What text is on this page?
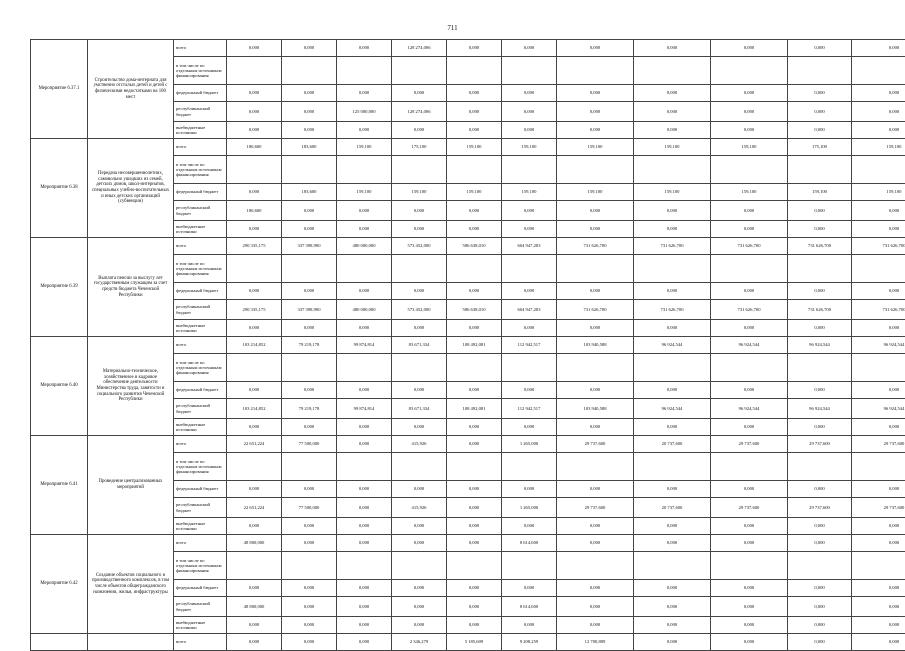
711
Мероприятие 6.37.1	Строительство дома-интерната для умственно отсталых детей и детей с физическими недостатками на 100 мест	всего	0,000	0,000	0,000	128 274,006	0,000	0,000	0,000	0,000	0,000	0,000	0,000
		в том числе по отдельным источникам финансирования											
		федеральный бюджет	0,000	0,000	0,000	0,000	0,000	0,000	0,000	0,000	0,000	0,000	0,000
		республиканский бюджет	0,000	0,000	125 000,000	128 274,006	0,000	0,000	0,000	0,000	0,000	0,000	0,000
		внебюджетные источники	0,000	0,000	0,000	0,000	0,000	0,000	0,000	0,000	0,000	0,000	0,000
Мероприятие 6.38	Передача несовершеннолетних, самовольно ушедших из семей, детских домов, школ-интернатов, специальных учебно-воспитательных и иных детских организаций (субвенции)	всего	180,600	183,600	159,100	175,100	159,100	159,100	159,100	159,100	159,100	175,100	159,100
		в том числе по отдельным источникам финансирования											
		федеральный бюджет	0,000	183,600	159,100	159,100	159,100	159,100	159,100	159,100	159,100	159,100	159,100
		республиканский бюджет	180,600	0,000	0,000	0,000	0,000	0,000	0,000	0,000	0,000	0,000	0,000
		внебюджетные источники	0,000	0,000	0,000	0,000	0,000	0,000	0,000	0,000	0,000	0,000	0,000
Мероприятие 6.39	Выплата пенсии за выслугу лет государственным служащим за счет средств бюджета Чеченской Республики	всего	290 335,175	337 398,900	480 000,000	573 452,000	586 638,010	604 947,283	731 626,700	731 626,700	731 626,700	731 626,700	731 626,700
		в том числе по отдельным источникам финансирования											
		федеральный бюджет	0,000	0,000	0,000	0,000	0,000	0,000	0,000	0,000	0,000	0,000	0,000
		республиканский бюджет	290 335,175	337 398,900	480 000,000	573 452,000	586 638,010	604 947,283	731 626,700	731 626,700	731 626,700	731 626,700	731 626,700
		внебюджетные источники	0,000	0,000	0,000	0,000	0,000	0,000	0,000	0,000	0,000	0,000	0,000
Мероприятие 6.40	Материально-техническое, хозяйственное и кадровое обеспечение деятельности Министерства труда, занятости и социального развития Чеченской Республики	всего	103 214,852	79 219,178	99 874,814	83 671,334	108 492,081	112 942,517	103 940,588	96 924,544	96 924,544	96 924,544	96 924,544
		в том числе по отдельным источникам финансирования											
		федеральный бюджет	0,000	0,000	0,000	0,000	0,000	0,000	0,000	0,000	0,000	0,000	0,000
		республиканский бюджет	103 214,852	79 219,178	99 874,814	83 671,334	108 492,081	112 942,517	103 940,588	96 924,544	96 924,544	96 924,544	96 924,544
		внебюджетные источники	0,000	0,000	0,000	0,000	0,000	0,000	0,000	0,000	0,000	0,000	0,000
Мероприятие 6.41	Проведение централизованных мероприятий	всего	22 651,224	77 500,000	0,000	415,926	0,000	1 265,000	29 737,600	20 737,600	29 737,600	29 737,600	29 737,600
		в том числе по отдельным источникам финансирования											
		федеральный бюджет	0,000	0,000	0,000	0,000	0,000	0,000	0,000	0,000	0,000	0,000	0,000
		республиканский бюджет	22 651,224	77 500,000	0,000	415,926	0,000	1 265,000	29 737,600	20 737,600	29 737,600	29 737,600	29 737,600
		внебюджетные источники	0,000	0,000	0,000	0,000	0,000	0,000	0,000	0,000	0,000	0,000	0,000
Мероприятие 6.42	Создание объектов социального и производственного комплексов, в том числе объектов общегражданского назначения, жилья, инфраструктуры	всего	48 800,000	0,000	0,000	0,000	0,000	8 614,600	0,000	0,000	0,000	0,000	0,000
		в том числе по отдельным источникам финансирования											
		федеральный бюджет	0,000	0,000	0,000	0,000	0,000	0,000	0,000	0,000	0,000	0,000	0,000
		республиканский бюджет	48 800,000	0,000	0,000	0,000	0,000	8 614,600	0,000	0,000	0,000	0,000	0,000
		внебюджетные источники	0,000	0,000	0,000	0,000	0,000	0,000	0,000	0,000	0,000	0,000	0,000
		всего	0,000	0,000	0,000	2 346,279	5 185,609	9 208,259	12 700,809	0,000	0,000	0,000	0,000
